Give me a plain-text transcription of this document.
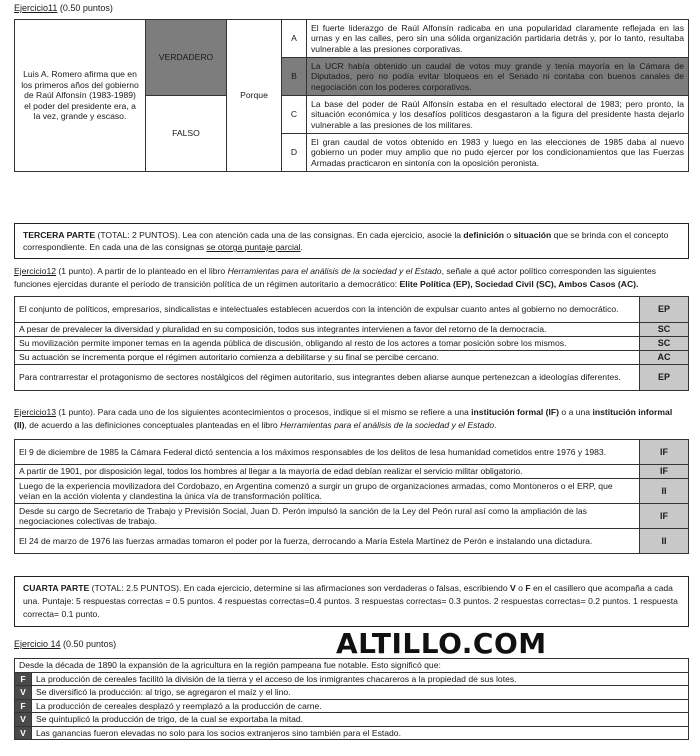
Ejercicio11 (0.50 puntos)
Luis A. Romero afirma que en los primeros años del gobierno de Raúl Alfonsín (1983-1989) el poder del presidente era, a la vez, grande y escaso.	VERDADERO	Porque	A	El fuerte liderazgo de Raúl Alfonsín radicaba en una popularidad claramente reflejada en las urnas y en las calles, pero sin una sólida organización partidaria detrás y, por lo tanto, resultaba vulnerable a las presiones corporativas.
			B	La UCR había obtenido un caudal de votos muy grande y tenía mayoría en la Cámara de Diputados, pero no podía evitar bloqueos en el Senado ni contaba con buenos canales de negociación con los poderes corporativos.
	FALSO		C	La base del poder de Raúl Alfonsín estaba en el resultado electoral de 1983; pero pronto, la situación económica y los desafíos políticos desgastaron a la figura del presidente hasta dejarlo vulnerable a las presiones de los militares.
			D	El gran caudal de votos obtenido en 1983 y luego en las elecciones de 1985 daba al nuevo gobierno un poder muy amplio que no pudo ejercer por los condicionamientos que las Fuerzas Armadas practicaron en sintonía con la oposición peronista.
TERCERA PARTE (TOTAL: 2 PUNTOS). Lea con atención cada una de las consignas. En cada ejercicio, asocie la definición o situación que se brinda con el concepto correspondiente. En cada una de las consignas se otorga puntaje parcial.
Ejercicio12 (1 punto). A partir de lo planteado en el libro Herramientas para el análisis de la sociedad y el Estado, señale a qué actor político corresponden las siguientes funciones ejercidas durante el período de transición política de un régimen autoritario a democrático: Elite Política (EP), Sociedad Civil (SC), Ambos Casos (AC).
El conjunto de políticos, empresarios, sindicalistas e intelectuales establecen acuerdos con la intención de expulsar cuanto antes al gobierno no democrático.	EP
A pesar de prevalecer la diversidad y pluralidad en su composición, todos sus integrantes intervienen a favor del retorno de la democracia.	SC
Su movilización permite imponer temas en la agenda pública de discusión, obligando al resto de los actores a tomar posición sobre los mismos.	SC
Su actuación se incrementa porque el régimen autoritario comienza a debilitarse y su final se percibe cercano.	AC
Para contrarrestar el protagonismo de sectores nostálgicos del régimen autoritario, sus integrantes deben aliarse aunque pertenezcan a ideologías diferentes.	EP
Ejercicio13 (1 punto). Para cada uno de los siguientes acontecimientos o procesos, indique si el mismo se refiere a una institución formal (IF) o a una institución informal (II), de acuerdo a las definiciones conceptuales planteadas en el libro Herramientas para el análisis de la sociedad y el Estado.
El 9 de diciembre de 1985 la Cámara Federal dictó sentencia a los máximos responsables de los delitos de lesa humanidad cometidos entre 1976 y 1983.	IF
A partir de 1901, por disposición legal, todos los hombres al llegar a la mayoría de edad debían realizar el servicio militar obligatorio.	IF
Luego de la experiencia movilizadora del Cordobazo, en Argentina comenzó a surgir un grupo de organizaciones armadas, como Montoneros o el ERP, que veían en la acción violenta y clandestina la única vía de transformación política.	II
Desde su cargo de Secretario de Trabajo y Previsión Social, Juan D. Perón impulsó la sanción de la Ley del Peón rural así como la ampliación de las negociaciones colectivas de trabajo.	IF
El 24 de marzo de 1976 las fuerzas armadas tomaron el poder por la fuerza, derrocando a María Estela Martínez de Perón e instalando una dictadura.	II
CUARTA PARTE (TOTAL: 2.5 PUNTOS). En cada ejercicio, determine si las afirmaciones son verdaderas o falsas, escribiendo V o F en el casillero que acompaña a cada una. Puntaje: 5 respuestas correctas = 0.5 puntos. 4 respuestas correctas=0.4 puntos. 3 respuestas correctas= 0.3 puntos. 2 respuestas correctas= 0.2 puntos. 1 respuesta correcta= 0.1 punto.
Ejercicio 14 (0.50 puntos)	ALTILLO.COM
Desde la década de 1890 la expansión de la agricultura en la región pampeana fue notable. Esto significó que:	
F	La producción de cereales facilitó la división de la tierra y el acceso de los inmigrantes chacareros a la propiedad de sus lotes.
V	Se diversificó la producción: al trigo, se agregaron el maíz y el lino.
F	La producción de cereales desplazó y reemplazó a la producción de carne.
V	Se quintuplicó la producción de trigo, de la cual se exportaba la mitad.
V	Las ganancias fueron elevadas no solo para los socios extranjeros sino también para el Estado.
